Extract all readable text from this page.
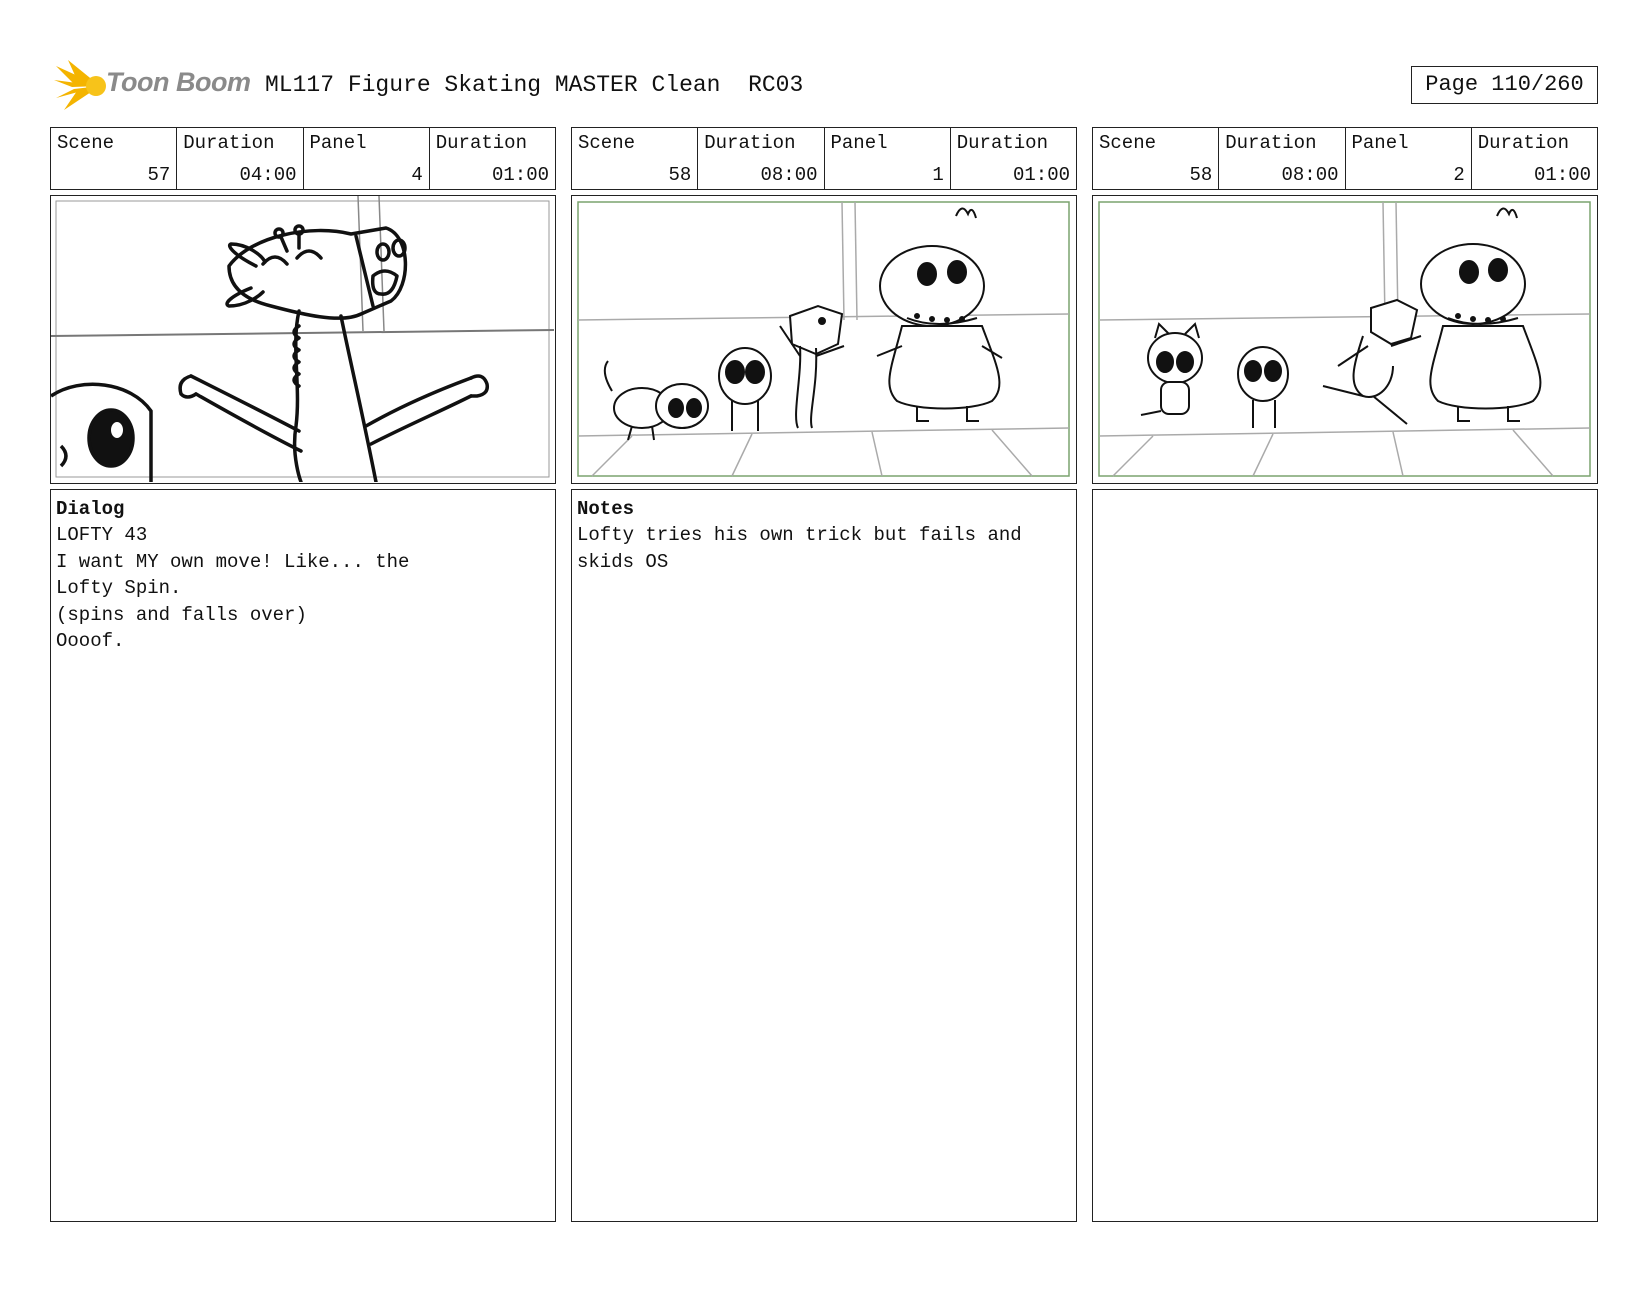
Toon Boom ML117 Figure Skating MASTER Clean  RC03	Page 110/260
Scene
57
Duration
04:00
Panel
4
Duration
01:00
Dialog
LOFTY 43
I want MY own move! Like... the
Lofty Spin.
(spins and falls over)
Oooof.
Scene
58
Duration
08:00
Panel
1
Duration
01:00
Notes
Lofty tries his own trick but fails and
skids OS
Scene
58
Duration
08:00
Panel
2
Duration
01:00
